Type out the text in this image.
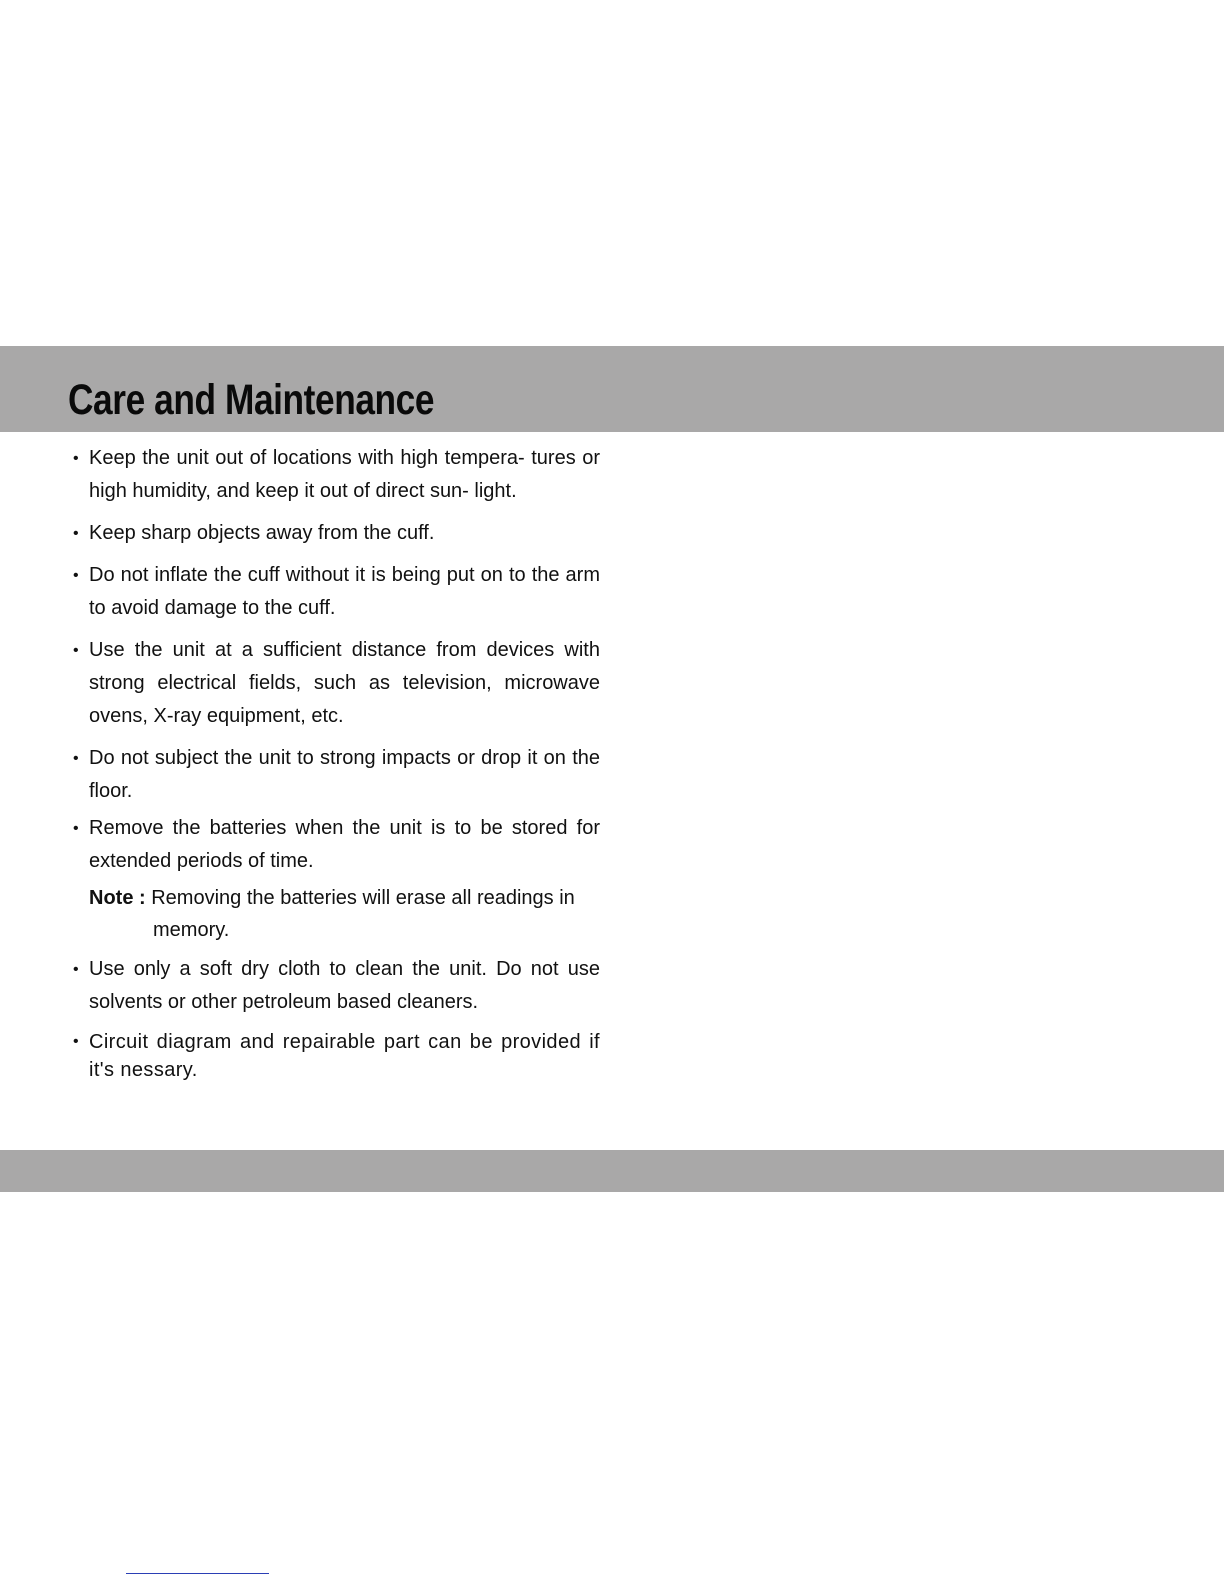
Care and Maintenance
• Keep the unit out of locations with high tempera- tures or high humidity, and keep it out of direct sun- light.
• Keep sharp objects away from the cuff.
• Do not inflate the cuff without it is being put on to the arm to avoid damage to the cuff.
• Use the unit at a sufficient distance from devices with strong electrical fields, such as television, microwave ovens, X-ray equipment, etc.
• Do not subject the unit to strong impacts or drop it on the floor.
• Remove the batteries when the unit is to be stored for extended periods of time.
Note : Removing the batteries will erase all readings in memory.
• Use only a soft dry cloth to clean the unit. Do not use solvents or other petroleum based cleaners.
• Circuit diagram and repairable part can be provided if it's nessary.
